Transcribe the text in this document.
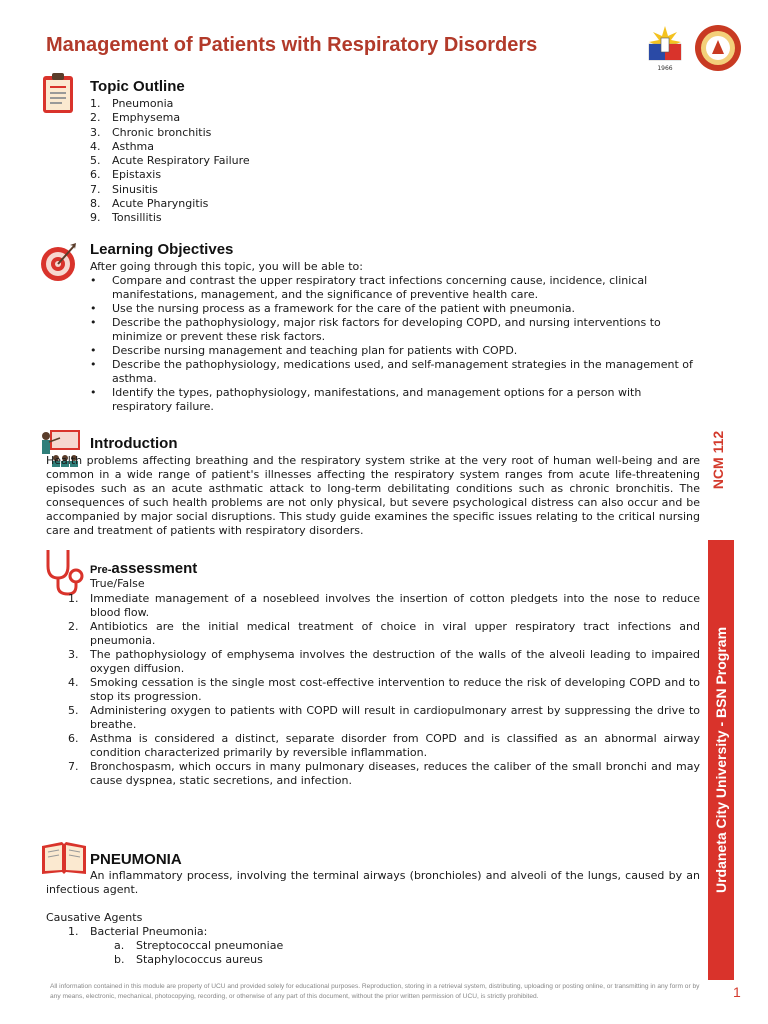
Management of Patients with Respiratory Disorders
1966
Topic Outline
1.	Pneumonia
2.	Emphysema
3.	Chronic bronchitis
4.	Asthma
5.	Acute Respiratory Failure
6.	Epistaxis
7.	Sinusitis
8.	Acute Pharyngitis
9.	Tonsillitis
Learning Objectives

After going through this topic, you will be able to:

•	Compare and contrast the upper respiratory tract infections concerning cause, incidence, clinical manifestations, management, and the significance of preventive health care.
•	Use the nursing process as a framework for the care of the patient with pneumonia.
•	Describe the pathophysiology, major risk factors for developing COPD, and nursing interventions to minimize or prevent these risk factors.
•	Describe nursing management and teaching plan for patients with COPD.
•	Describe the pathophysiology, medications used, and self-management strategies in the management of asthma.
•	Identify the types, pathophysiology, manifestations, and management options for a person with respiratory failure.
Introduction
Health problems affecting breathing and the respiratory system strike at the very root of human well-being and are common in a wide range of patient's illnesses affecting the respiratory system ranges from acute life-threatening episodes such as an acute asthmatic attack to long-term debilitating conditions such as chronic bronchitis. The consequences of such health problems are not only physical, but severe psychological distress can also occur and be accompanied by major social disruptions. This study guide examines the specific issues relating to the critical nursing care and treatment of patients with respiratory disorders.
Pre-assessment
True/False
1.	Immediate management of a nosebleed involves the insertion of cotton pledgets into the nose to reduce blood flow.
2.	Antibiotics are the initial medical treatment of choice in viral upper respiratory tract infections and pneumonia.
3.	The pathophysiology of emphysema involves the destruction of the walls of the alveoli leading to impaired oxygen diffusion.
4.	Smoking cessation is the single most cost-effective intervention to reduce the risk of developing COPD and to stop its progression.
5.	Administering oxygen to patients with COPD will result in cardiopulmonary arrest by suppressing the drive to breathe.
6.	Asthma is considered a distinct, separate disorder from COPD and is classified as an abnormal airway condition characterized primarily by reversible inflammation.
7.	Bronchospasm, which occurs in many pulmonary diseases, reduces the caliber of the small bronchi and may cause dyspnea, static secretions, and infection.
PNEUMONIA
An inflammatory process, involving the terminal airways (bronchioles) and alveoli of the lungs, caused by an infectious agent.
Causative Agents
1.	Bacterial Pneumonia:
a.	Streptococcal pneumoniae
b.	Staphylococcus aureus
NCM 112
Urdaneta City University - BSN Program
All information contained in this module are property of UCU and provided solely for educational purposes. Reproduction, storing in a retrieval system, distributing, uploading or posting online, or transmitting in any form or by any means, electronic, mechanical, photocopying, recording, or otherwise of any part of this document, without the prior written permission of UCU, is strictly prohibited.	1
